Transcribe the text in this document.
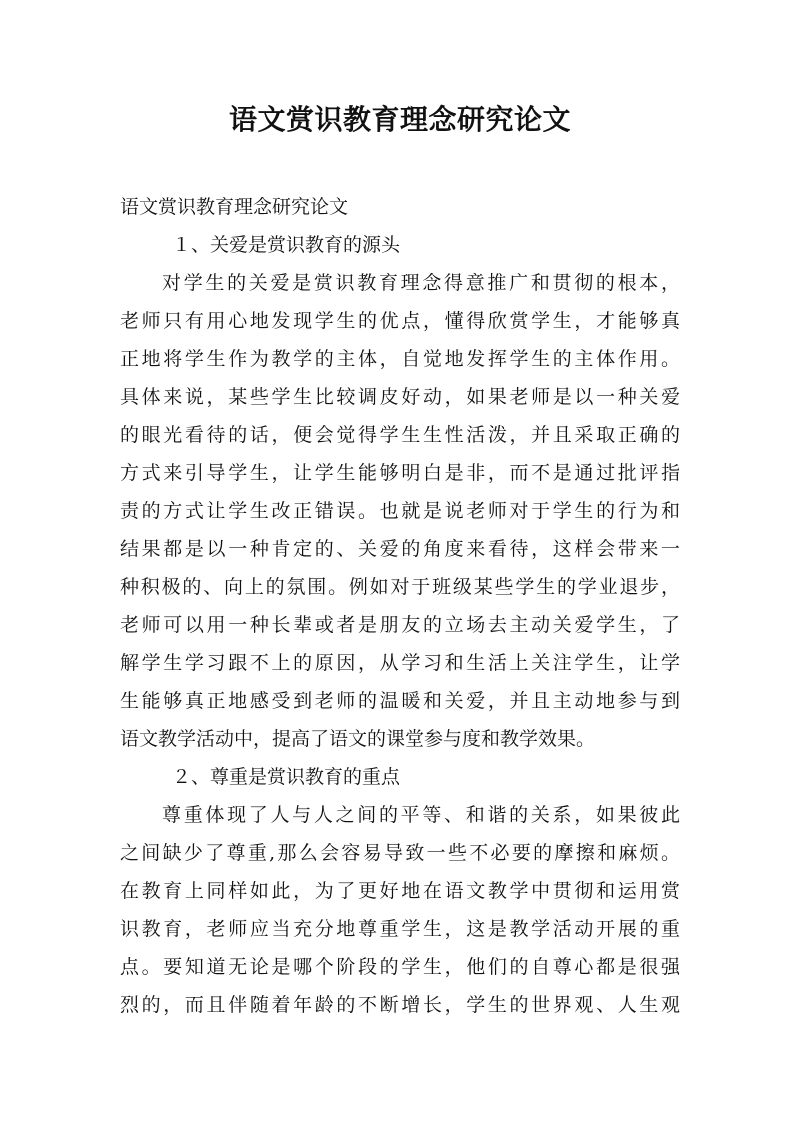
语文赏识教育理念研究论文
语文赏识教育理念研究论文
１、关爱是赏识教育的源头
对学生的关爱是赏识教育理念得意推广和贯彻的根本，
老师只有用心地发现学生的优点，懂得欣赏学生，才能够真
正地将学生作为教学的主体，自觉地发挥学生的主体作用。
具体来说，某些学生比较调皮好动，如果老师是以一种关爱
的眼光看待的话，便会觉得学生生性活泼，并且采取正确的
方式来引导学生，让学生能够明白是非，而不是通过批评指
责的方式让学生改正错误。也就是说老师对于学生的行为和
结果都是以一种肯定的、关爱的角度来看待，这样会带来一
种积极的、向上的氛围。例如对于班级某些学生的学业退步，
老师可以用一种长辈或者是朋友的立场去主动关爱学生，了
解学生学习跟不上的原因，从学习和生活上关注学生，让学
生能够真正地感受到老师的温暖和关爱，并且主动地参与到
语文教学活动中，提高了语文的课堂参与度和教学效果。
２、尊重是赏识教育的重点
尊重体现了人与人之间的平等、和谐的关系，如果彼此
之间缺少了尊重,那么会容易导致一些不必要的摩擦和麻烦。
在教育上同样如此，为了更好地在语文教学中贯彻和运用赏
识教育，老师应当充分地尊重学生，这是教学活动开展的重
点。要知道无论是哪个阶段的学生，他们的自尊心都是很强
烈的，而且伴随着年龄的不断增长，学生的世界观、人生观
